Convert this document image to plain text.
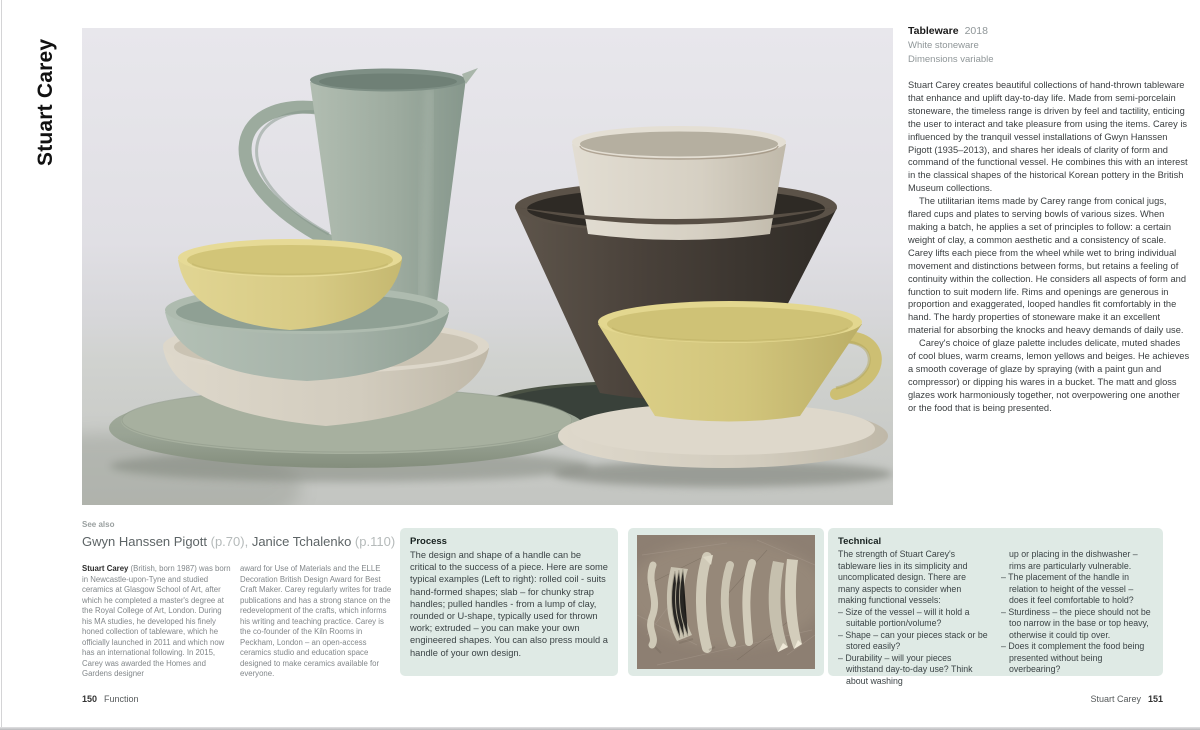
Stuart Carey
Tableware 2018
White stoneware
Dimensions variable

Stuart Carey creates beautiful collections of hand-thrown tableware that enhance and uplift day-to-day life. Made from semi-porcelain stoneware, the timeless range is driven by feel and tactility, enticing the user to interact and take pleasure from using the items. Carey is influenced by the tranquil vessel installations of Gwyn Hanssen Pigott (1935–2013), and shares her ideals of clarity of form and command of the functional vessel. He combines this with an interest in the classical shapes of the historical Korean pottery in the British Museum collections.

The utilitarian items made by Carey range from conical jugs, flared cups and plates to serving bowls of various sizes. When making a batch, he applies a set of principles to follow: a certain weight of clay, a common aesthetic and a consistency of scale. Carey lifts each piece from the wheel while wet to bring individual movement and distinctions between forms, but retains a feeling of continuity within the collection. He considers all aspects of form and function to suit modern life. Rims and openings are generous in proportion and exaggerated, looped handles fit comfortably in the hand. The hardy properties of stoneware make it an excellent material for absorbing the knocks and heavy demands of daily use.

Carey's choice of glaze palette includes delicate, muted shades of cool blues, warm creams, lemon yellows and beiges. He achieves a smooth coverage of glaze by spraying (with a paint gun and compressor) or dipping his wares in a bucket. The matt and gloss glazes work harmoniously together, not overpowering one another or the food that is being presented.

See also
Gwyn Hanssen Pigott (p.70), Janice Tchalenko (p.110)
Stuart Carey (British, born 1987) was born in Newcastle-upon-Tyne and studied ceramics at Glasgow School of Art, after which he completed a master's degree at the Royal College of Art, London. During his MA studies, he developed his finely honed collection of tableware, which he officially launched in 2011 and which now has an international following. In 2015, Carey was awarded the Homes and Gardens designer
award for Use of Materials and the ELLE Decoration British Design Award for Best Craft Maker. Carey regularly writes for trade publications and has a strong stance on the redevelopment of the crafts, which informs his writing and teaching practice. Carey is the co-founder of the Kiln Rooms in Peckham, London – an open-access ceramics studio and education space designed to make ceramics available for everyone.
Process
The design and shape of a handle can be critical to the success of a piece. Here are some typical examples (Left to right): rolled coil - suits hand-formed shapes; slab – for chunky strap handles; pulled handles - from a lump of clay, rounded or U-shape, typically used for thrown work; extruded – you can make your own engineered shapes. You can also press mould a handle of your own design.
Technical

The strength of Stuart Carey's tableware lies in its simplicity and uncomplicated design. There are many aspects to consider when making functional vessels:

– Size of the vessel – will it hold a suitable portion/volume?

– Shape – can your pieces stack or be stored easily?

– Durability – will your pieces withstand day-to-day use? Think about washing

up or placing in the dishwasher – rims are particularly vulnerable.

– The placement of the handle in relation to height of the vessel – does it feel comfortable to hold?

– Sturdiness – the piece should not be too narrow in the base or top heavy, otherwise it could tip over.

– Does it complement the food being presented without being overbearing?

150 Function	Stuart Carey 151
